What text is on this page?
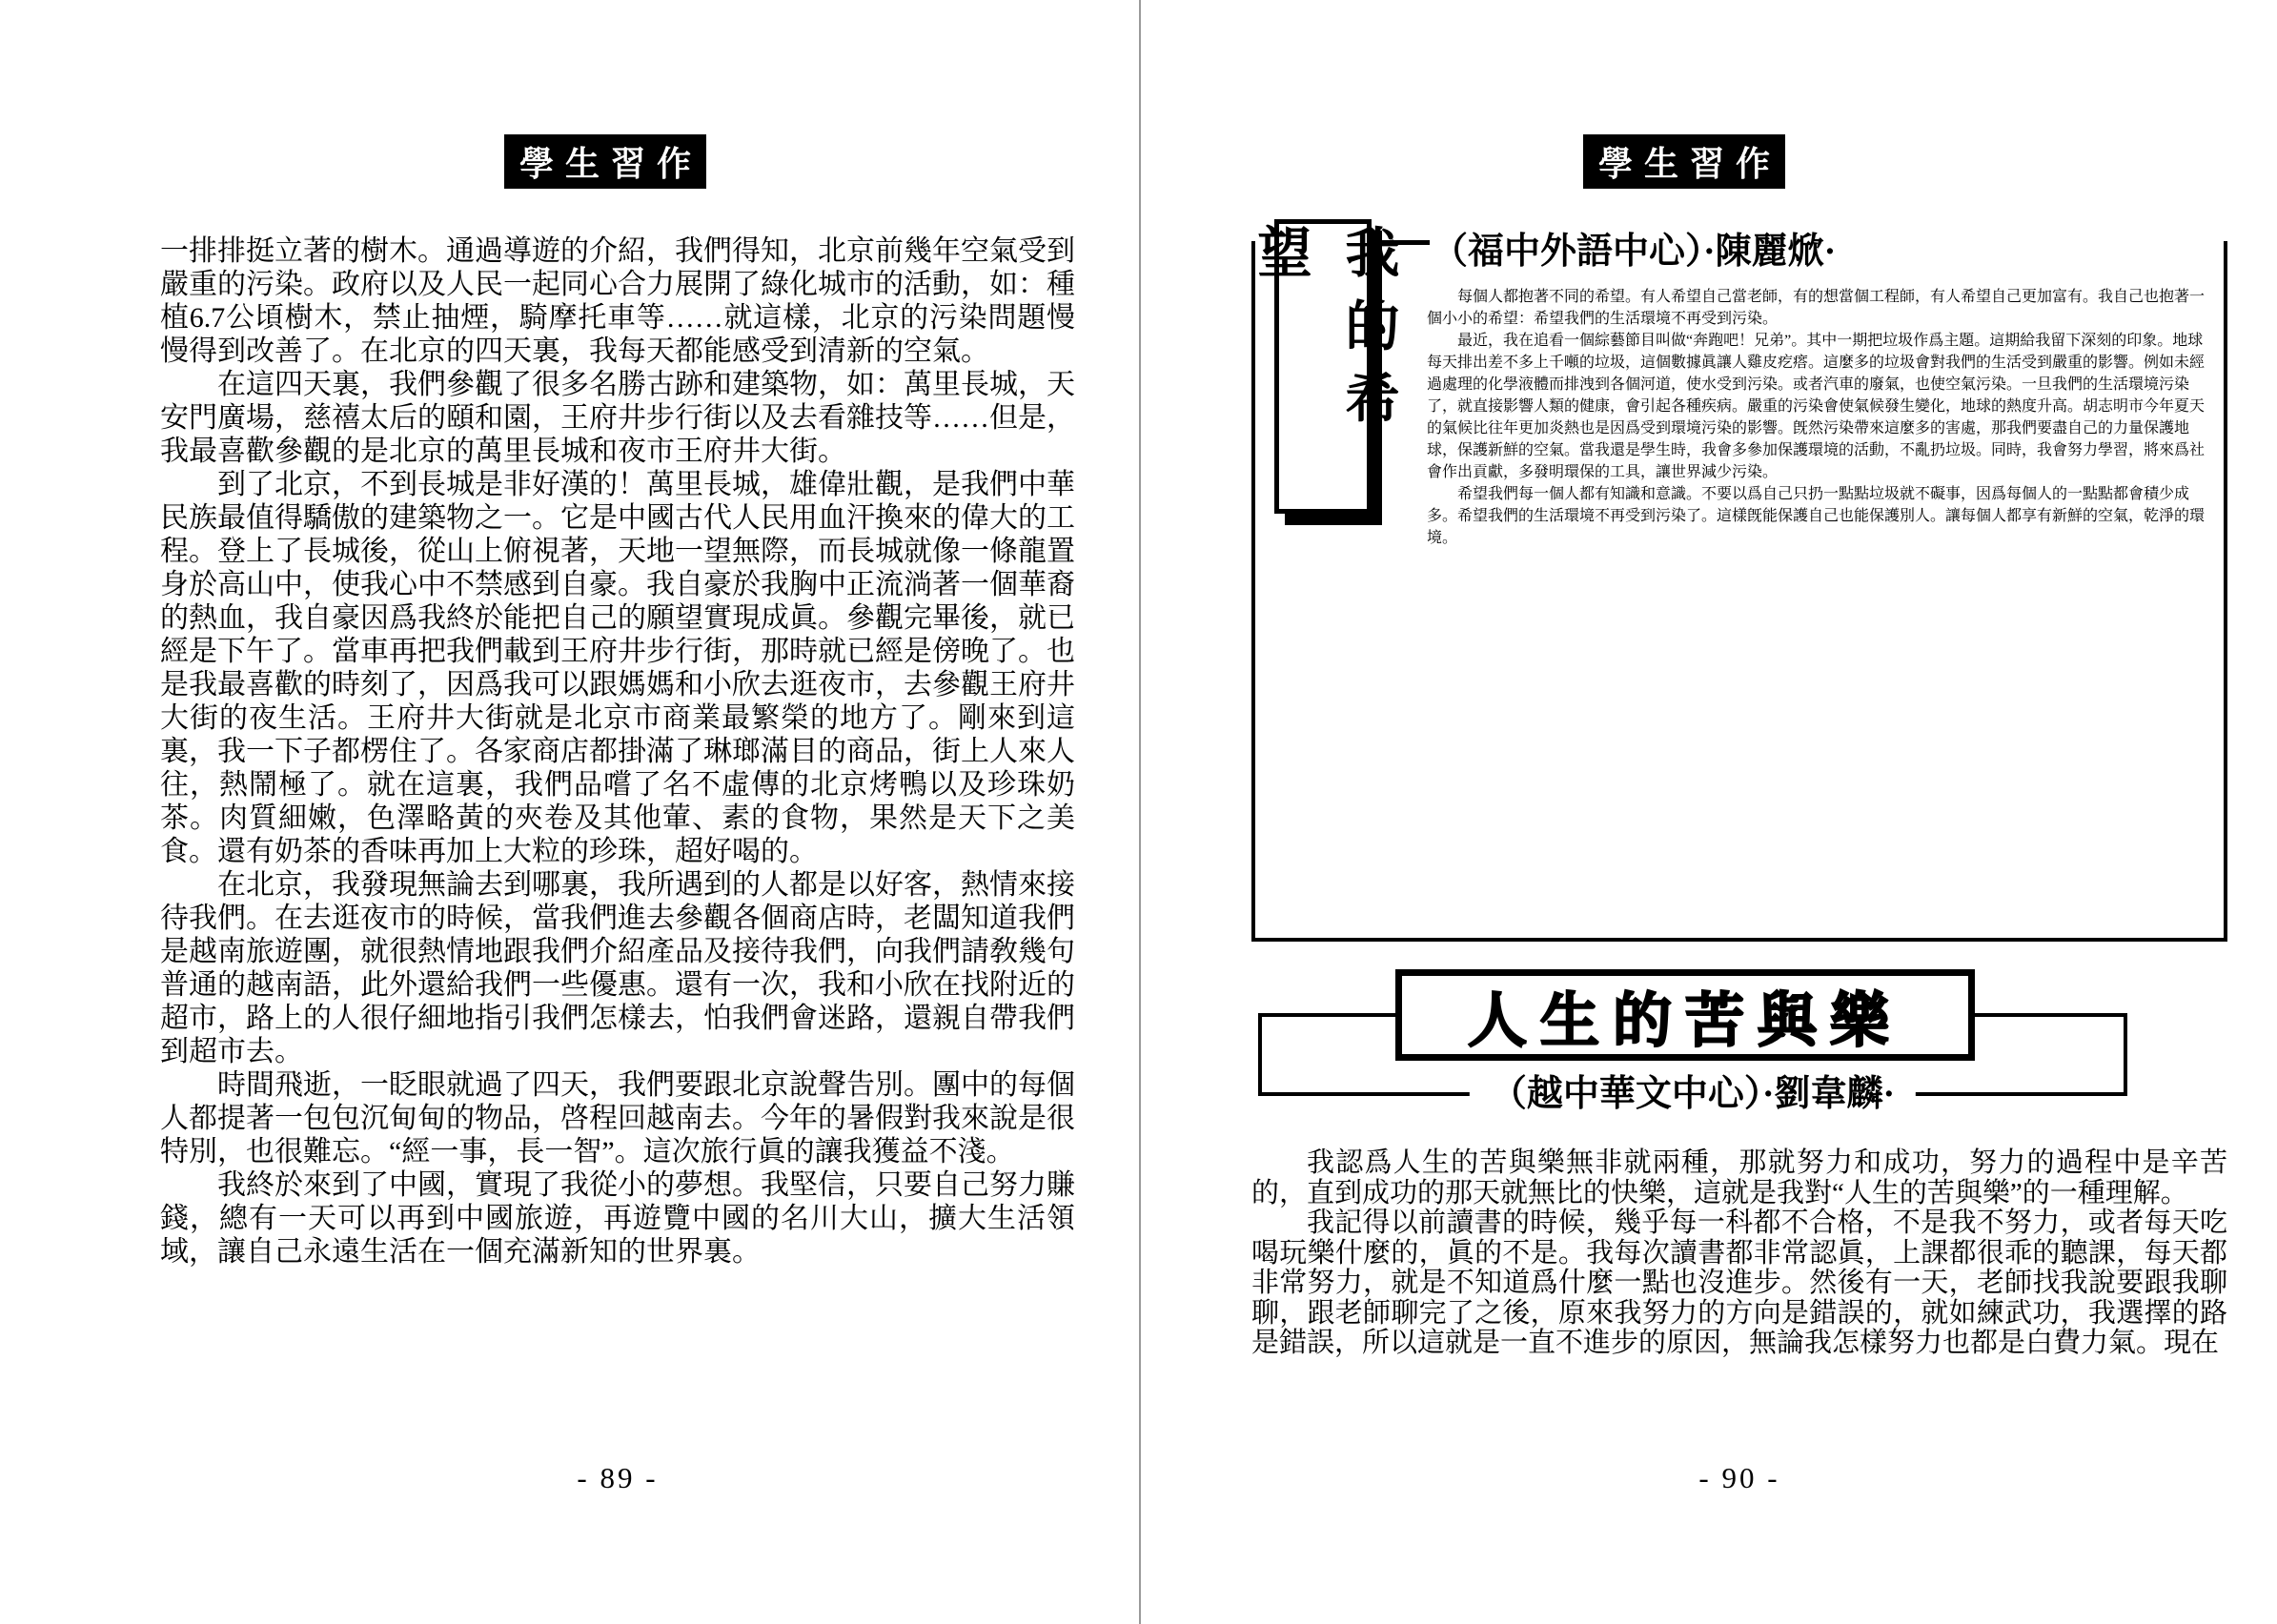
學生習作

一排排挺立著的樹木。通過導遊的介紹，我們得知，北京前幾年空氣受到嚴重的污染。政府以及人民一起同心合力展開了綠化城市的活動，如：種植6.7公頃樹木，禁止抽煙，騎摩托車等……就這樣，北京的污染問題慢慢得到改善了。在北京的四天裏，我每天都能感受到清新的空氣。

在這四天裏，我們參觀了很多名勝古跡和建築物，如：萬里長城，天安門廣場，慈禧太后的頤和園，王府井步行街以及去看雜技等……但是，我最喜歡參觀的是北京的萬里長城和夜市王府井大街。

到了北京，不到長城是非好漢的！萬里長城，雄偉壯觀，是我們中華民族最值得驕傲的建築物之一。它是中國古代人民用血汗換來的偉大的工程。登上了長城後，從山上俯視著，天地一望無際，而長城就像一條龍置身於高山中，使我心中不禁感到自豪。我自豪於我胸中正流淌著一個華裔的熱血，我自豪因爲我終於能把自己的願望實現成眞。參觀完畢後，就已經是下午了。當車再把我們載到王府井步行街，那時就已經是傍晚了。也是我最喜歡的時刻了，因爲我可以跟媽媽和小欣去逛夜市，去參觀王府井大街的夜生活。王府井大街就是北京市商業最繁榮的地方了。剛來到這裏，我一下子都楞住了。各家商店都掛滿了琳瑯滿目的商品，街上人來人往，熱鬧極了。就在這裏，我們品嚐了名不虛傳的北京烤鴨以及珍珠奶茶。肉質細嫩，色澤略黃的夾卷及其他葷、素的食物，果然是天下之美食。還有奶茶的香味再加上大粒的珍珠，超好喝的。

在北京，我發現無論去到哪裏，我所遇到的人都是以好客，熱情來接待我們。在去逛夜市的時候，當我們進去參觀各個商店時，老闆知道我們是越南旅遊團，就很熱情地跟我們介紹產品及接待我們，向我們請敎幾句普通的越南語，此外還給我們一些優惠。還有一次，我和小欣在找附近的超市，路上的人很仔細地指引我們怎樣去，怕我們會迷路，還親自帶我們到超市去。

時間飛逝，一眨眼就過了四天，我們要跟北京說聲告別。團中的每個人都提著一包包沉甸甸的物品，啓程回越南去。今年的暑假對我來說是很特別，也很難忘。“經一事，長一智”。這次旅行眞的讓我獲益不淺。

我終於來到了中國，實現了我從小的夢想。我堅信，只要自己努力賺錢，總有一天可以再到中國旅遊，再遊覽中國的名川大山，擴大生活領域，讓自己永遠生活在一個充滿新知的世界裏。

- 89 -
學生習作

每個人都抱著不同的希望。有人希望自己當老師，有的想當個工程師，有人希望自己更加富有。我自己也抱著一個小小的希望：希望我們的生活環境不再受到污染。

最近，我在追看一個綜藝節目叫做“奔跑吧！兄弟”。其中一期把垃圾作爲主題。這期給我留下深刻的印象。地球每天排出差不多上千噸的垃圾，這個數據眞讓人雞皮疙瘩。這麼多的垃圾會對我們的生活受到嚴重的影響。例如未經過處理的化學液體而排洩到各個河道，使水受到污染。或者汽車的廢氣，也使空氣污染。一旦我們的生活環境污染了，就直接影響人類的健康，會引起各種疾病。嚴重的污染會使氣候發生變化，地球的熱度升高。胡志明市今年夏天的氣候比往年更加炎熱也是因爲受到環境污染的影響。旣然污染帶來這麼多的害處，那我們要盡自己的力量保護地球，保護新鮮的空氣。當我還是學生時，我會多參加保護環境的活動，不亂扔垃圾。同時，我會努力學習，將來爲社會作出貢獻，多發明環保的工具，讓世界減少污染。

希望我們每一個人都有知識和意識。不要以爲自己只扔一點點垃圾就不礙事，因爲每個人的一點點都會積少成多。希望我們的生活環境不再受到污染了。這樣旣能保護自己也能保護別人。讓每個人都享有新鮮的空氣，乾淨的環境。

我的希望	（福中外語中心）·陳麗焮·
人生的苦與樂
（越中華文中心）·劉韋麟·

我認爲人生的苦與樂無非就兩種，那就努力和成功，努力的過程中是辛苦的，直到成功的那天就無比的快樂，這就是我對“人生的苦與樂”的一種理解。

我記得以前讀書的時候，幾乎每一科都不合格，不是我不努力，或者每天吃喝玩樂什麼的，眞的不是。我每次讀書都非常認眞，上課都很乖的聽課，每天都非常努力，就是不知道爲什麼一點也沒進步。然後有一天，老師找我說要跟我聊聊，跟老師聊完了之後，原來我努力的方向是錯誤的，就如練武功，我選擇的路是錯誤，所以這就是一直不進步的原因，無論我怎樣努力也都是白費力氣。現在

- 90 -
